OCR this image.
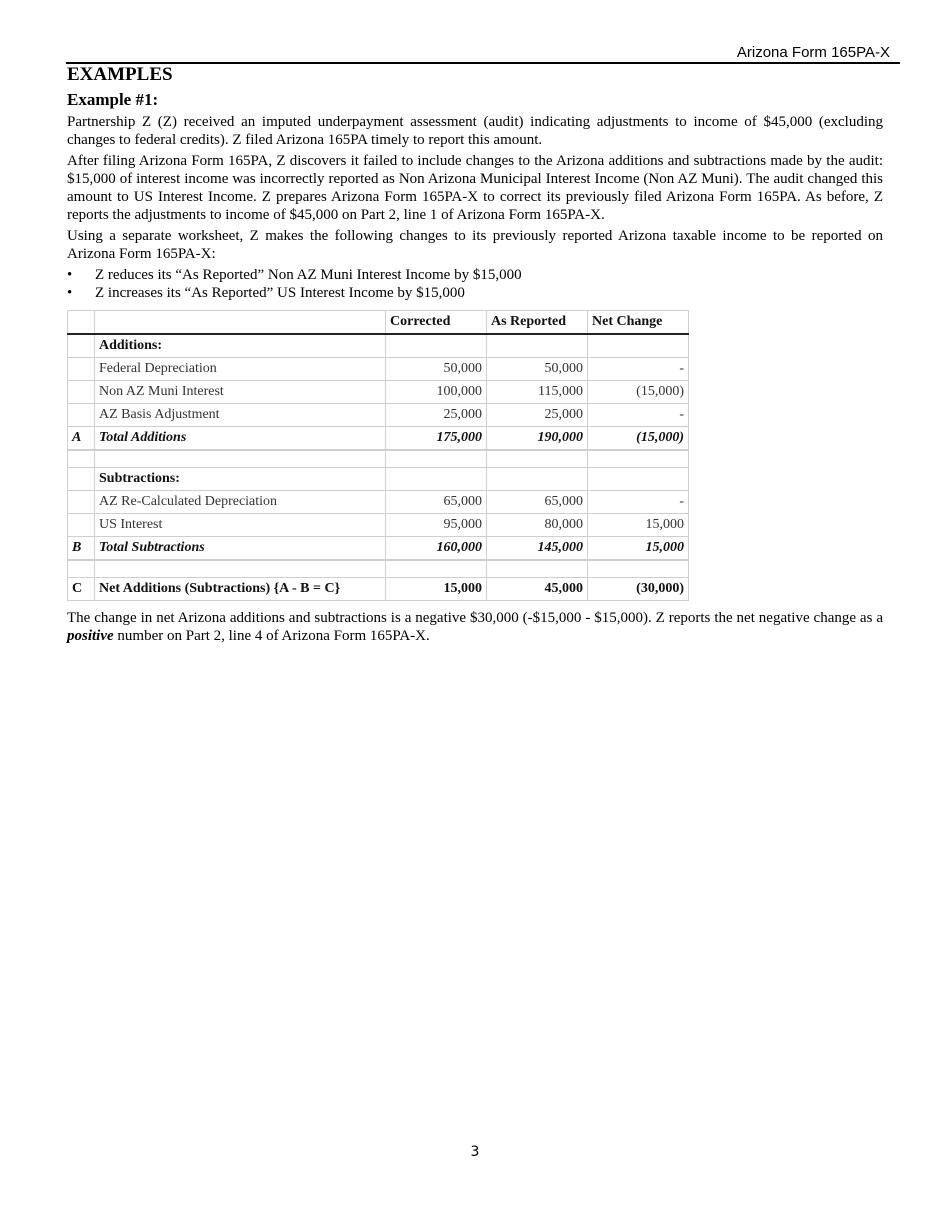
Arizona Form 165PA-X
EXAMPLES
Example #1:

Partnership Z (Z) received an imputed underpayment assessment (audit) indicating adjustments to income of $45,000 (excluding changes to federal credits). Z filed Arizona 165PA timely to report this amount.

After filing Arizona Form 165PA, Z discovers it failed to include changes to the Arizona additions and subtractions made by the audit: $15,000 of interest income was incorrectly reported as Non Arizona Municipal Interest Income (Non AZ Muni). The audit changed this amount to US Interest Income. Z prepares Arizona Form 165PA-X to correct its previously filed Arizona Form 165PA. As before, Z reports the adjustments to income of $45,000 on Part 2, line 1 of Arizona Form 165PA-X.

Using a separate worksheet, Z makes the following changes to its previously reported Arizona taxable income to be reported on Arizona Form 165PA-X:

• Z reduces its “As Reported” Non AZ Muni Interest Income by $15,000
• Z increases its “As Reported” US Interest Income by $15,000
		Corrected	As Reported	Net Change
	Additions:			
	Federal Depreciation	50,000	50,000	-
	Non AZ Muni Interest	100,000	115,000	(15,000)
	AZ Basis Adjustment	25,000	25,000	-
A	Total Additions	175,000	190,000	(15,000)

	Subtractions:			
	AZ Re-Calculated Depreciation	65,000	65,000	-
	US Interest	95,000	80,000	15,000
B	Total Subtractions	160,000	145,000	15,000

C	Net Additions (Subtractions) {A - B = C}	15,000	45,000	(30,000)

The change in net Arizona additions and subtractions is a negative $30,000 (-$15,000 - $15,000). Z reports the net negative change as a positive number on Part 2, line 4 of Arizona Form 165PA-X.

3
